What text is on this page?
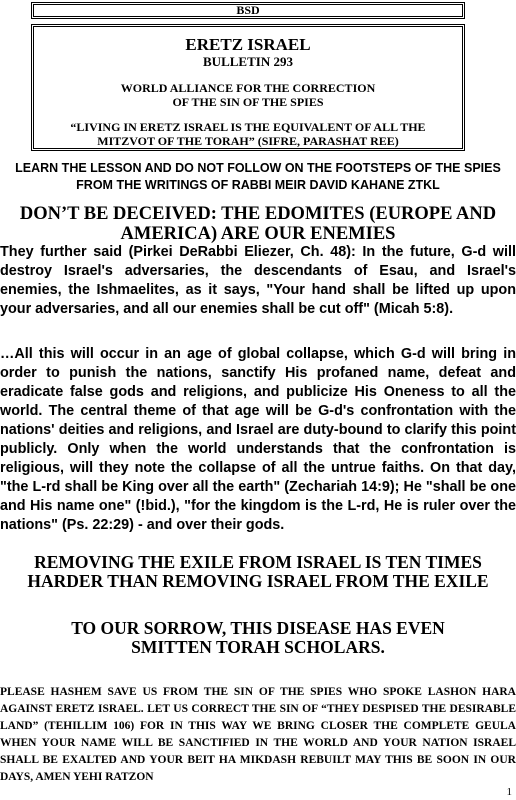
BSD
ERETZ ISRAEL
BULLETIN 293
WORLD ALLIANCE FOR THE CORRECTION
OF THE SIN OF THE SPIES
“LIVING IN ERETZ ISRAEL IS THE EQUIVALENT OF ALL THE MITZVOT OF THE TORAH” (SIFRE, PARASHAT REE)
LEARN THE LESSON AND DO NOT FOLLOW ON THE FOOTSTEPS OF THE SPIES
FROM THE WRITINGS OF RABBI MEIR DAVID KAHANE ZTKL
DON’T BE DECEIVED: THE EDOMITES (EUROPE AND AMERICA) ARE OUR ENEMIES
They further said (Pirkei DeRabbi Eliezer, Ch. 48): In the future, G-d will destroy Israel's adversaries, the descendants of Esau, and Israel's enemies, the Ishmaelites, as it says, "Your hand shall be lifted up upon your adversaries, and all our enemies shall be cut off" (Micah 5:8).
…All this will occur in an age of global collapse, which G-d will bring in order to punish the nations, sanctify His profaned name, defeat and eradicate false gods and religions, and publicize His Oneness to all the world. The central theme of that age will be G-d's confrontation with the nations' deities and religions, and Israel are duty-bound to clarify this point publicly. Only when the world understands that the confrontation is religious, will they note the collapse of all the untrue faiths. On that day, "the L-rd shall be King over all the earth" (Zechariah 14:9); He "shall be one and His name one" (!bid.), "for the kingdom is the L-rd, He is ruler over the nations" (Ps. 22:29) - and over their gods.
REMOVING THE EXILE FROM ISRAEL IS TEN TIMES
HARDER THAN REMOVING ISRAEL FROM THE EXILE
TO OUR SORROW, THIS DISEASE HAS EVEN
SMITTEN TORAH SCHOLARS.
PLEASE HASHEM SAVE US FROM THE SIN OF THE SPIES WHO SPOKE LASHON HARA AGAINST ERETZ ISRAEL. LET US CORRECT THE SIN OF “THEY DESPISED THE DESIRABLE LAND” (TEHILLIM 106) FOR IN THIS WAY WE BRING CLOSER THE COMPLETE GEULA WHEN YOUR NAME WILL BE SANCTIFIED IN THE WORLD AND YOUR NATION ISRAEL SHALL BE EXALTED AND YOUR BEIT HA MIKDASH REBUILT MAY THIS BE SOON IN OUR DAYS, AMEN YEHI RATZON
1
